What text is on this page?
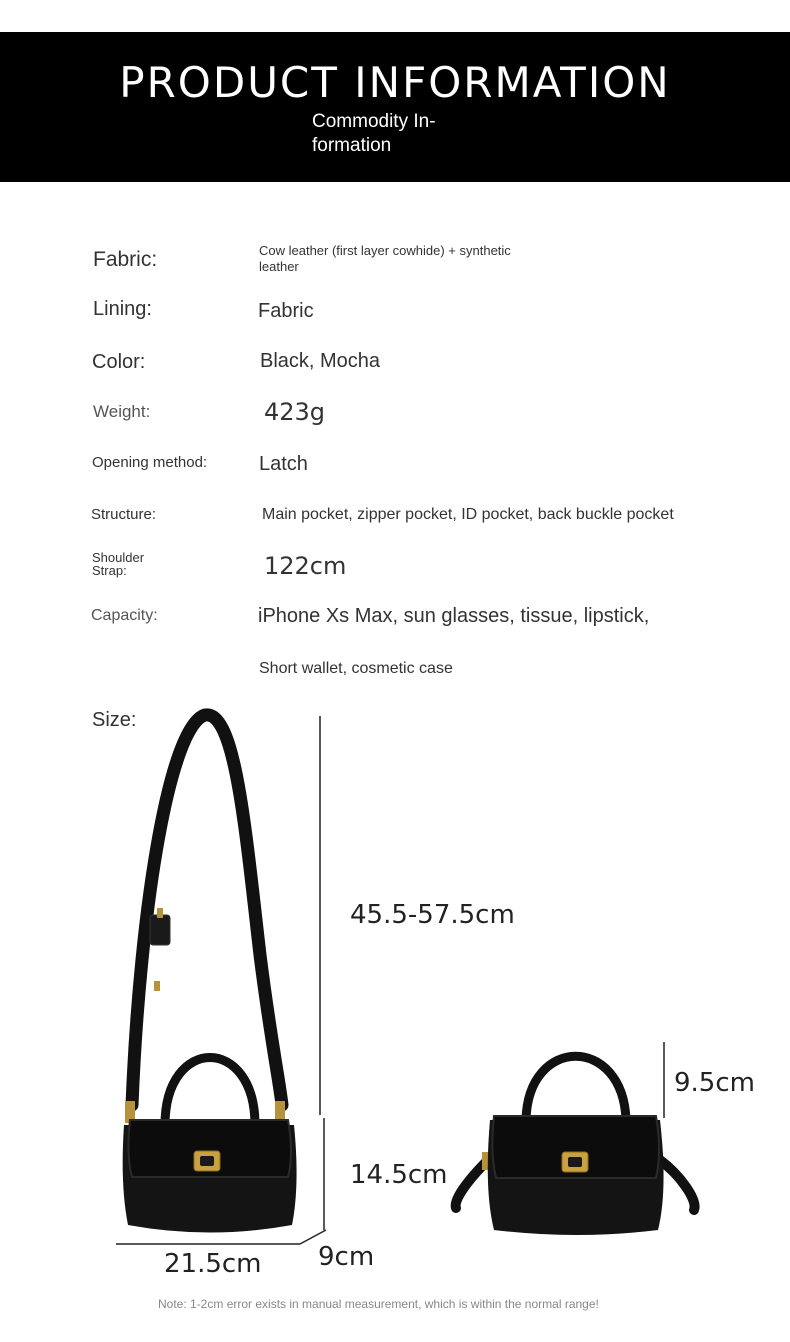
PRODUCT INFORMATION
Commodity In-
formation
Fabric:	Cow leather (first layer cowhide) + synthetic
leather
Lining:	Fabric
Color:	Black, Mocha
Weight:	423g
Opening method:	Latch
Structure:	Main pocket, zipper pocket, ID pocket, back buckle pocket
Shoulder
Strap:	122cm
Capacity:	iPhone Xs Max, sun glasses, tissue, lipstick,
Short wallet, cosmetic case
Size:
45.5-57.5cm
14.5cm
21.5cm 9cm
9.5cm
Note: 1-2cm error exists in manual measurement, which is within the normal range!
